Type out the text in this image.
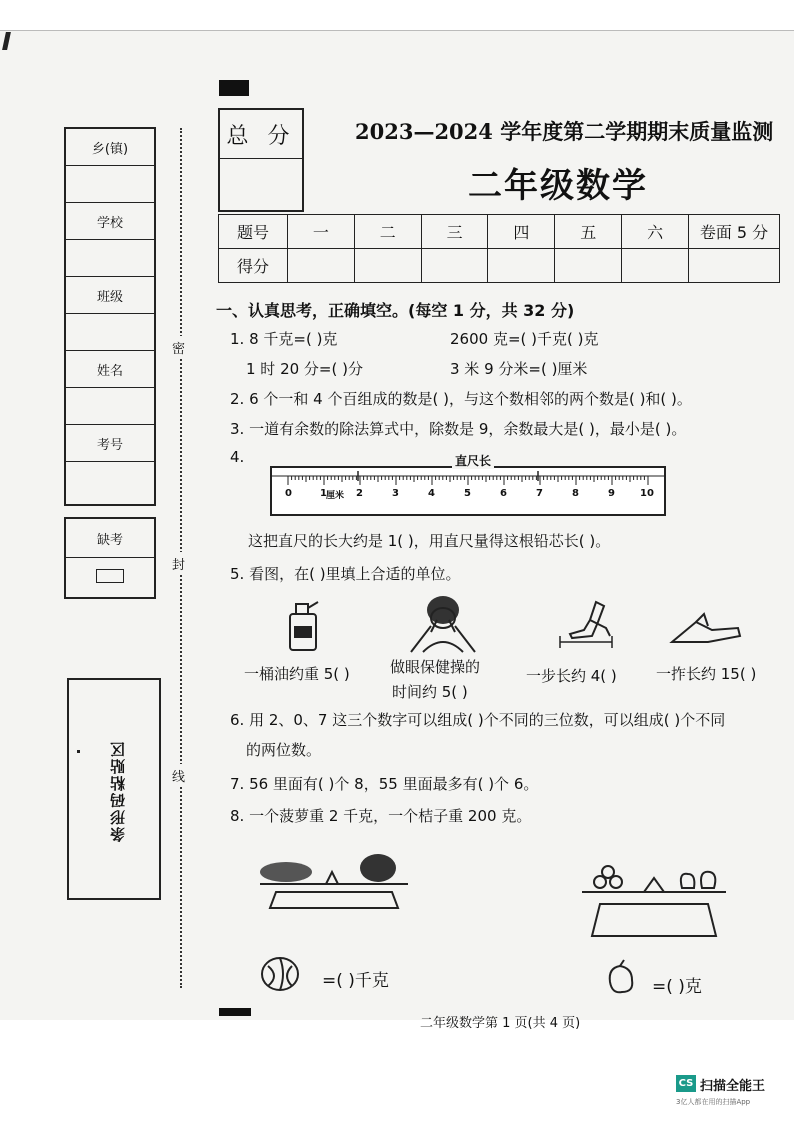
乡(镇)
学校
班级
姓名
考号
缺考
条形码粘贴区
密
封
线
总 分	2023—2024 学年度第二学期期末质量监测
二年级数学
题号	一	二	三	四	五	六	卷面 5 分
得分							
一、认真思考，正确填空。(每空 1 分，共 32 分)
1. 8 千克=( )克	2600 克=( )千克( )克
1 时 20 分=( )分	3 米 9 分米=( )厘米
2. 6 个一和 4 个百组成的数是( )，与这个数相邻的两个数是( )和( )。
3. 一道有余数的除法算式中，除数是 9，余数最大是( )，最小是( )。
4.	直尺长
0	1 厘米 2	3	4	5	6	7	8	9	10
这把直尺的长大约是 1( )，用直尺量得这根铅芯长( )。
5. 看图，在( )里填上合适的单位。
一桶油约重 5( )	做眼保健操的
时间约 5( )
一步长约 4( )	一拃长约 15( )
6. 用 2、0、7 这三个数字可以组成( )个不同的三位数，可以组成( )个不同
的两位数。
7. 56 里面有( )个 8，55 里面最多有( )个 6。
8. 一个菠萝重 2 千克，一个桔子重 200 克。
=( )千克	=( )克
二年级数学第 1 页(共 4 页)
CS 扫描全能王
3亿人都在用的扫描App
